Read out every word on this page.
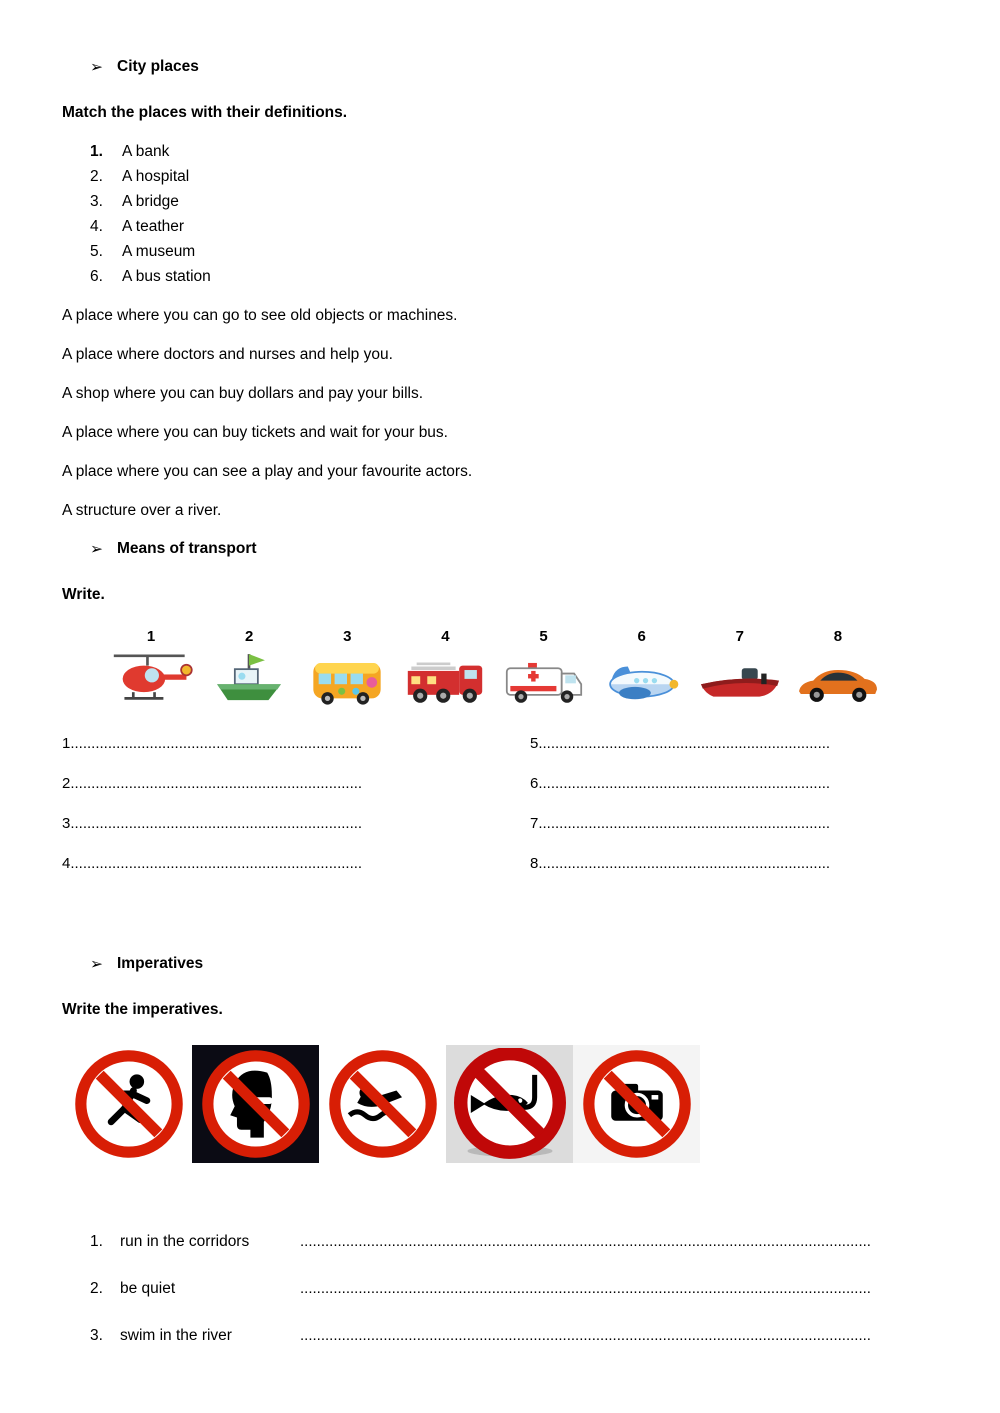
➢ City places

Match the places with their definitions.

1.	A bank
2.	A hospital
3.	A bridge
4.	A teather
5.	A museum
6.	A bus station

A place where you can go to see old objects or machines.

A place where doctors and nurses and help you.

A shop where you can buy dollars and pay your bills.

A place where you can buy tickets and wait for your bus.

A place where you can see a play and your favourite actors.

A structure over a river.

➢ Means of transport

Write.

1	2	3	4	5	6	7	8
1......................................................................
2......................................................................
3......................................................................
4......................................................................
5......................................................................
6......................................................................
7......................................................................
8......................................................................
➢ Imperatives

Write the imperatives.

1.	run in the corridors	.........................................................................................................................................
2.	be quiet	.........................................................................................................................................
3.	swim in the river	.........................................................................................................................................
